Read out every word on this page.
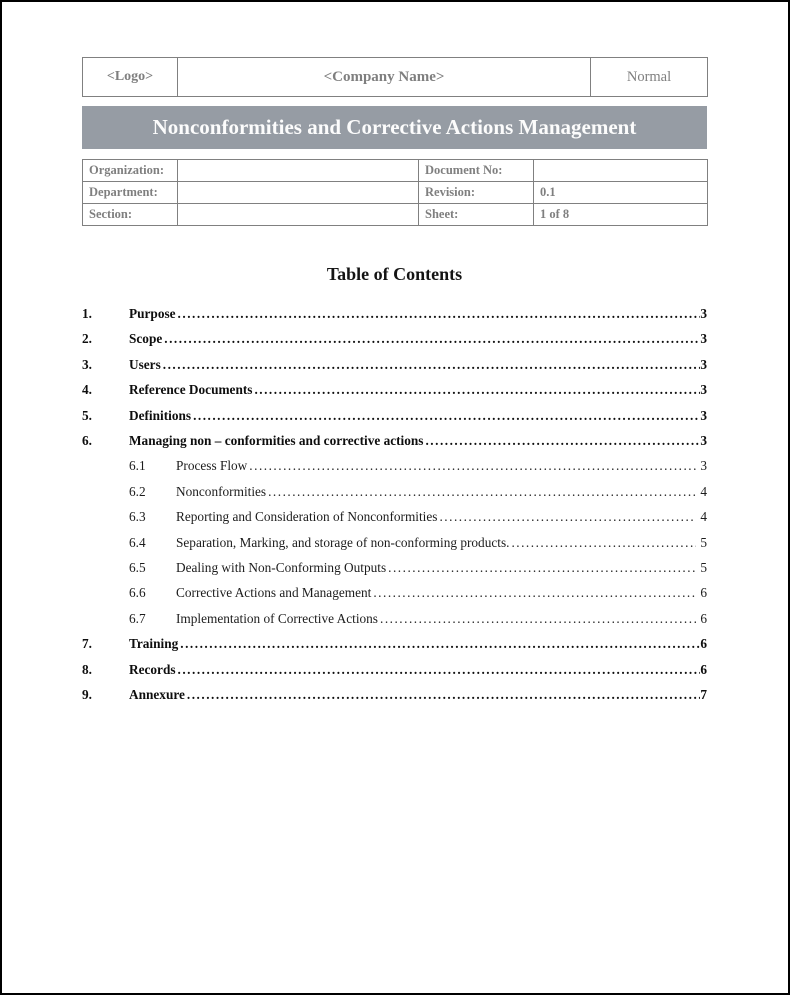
<Logo>	<Company Name>	Normal
Nonconformities and Corrective Actions Management
Organization:		Document No:	
Department:		Revision:	0.1
Section:		Sheet:	1 of 8
Table of Contents
1.	Purpose .....	3
2.	Scope .....	3
3.	Users .....	3
4.	Reference Documents .....	3
5.	Definitions .....	3
6.	Managing non – conformities and corrective actions .....	3
6.1	Process Flow .....	3
6.2	Nonconformities .....	4
6.3	Reporting and Consideration of Nonconformities .....	4
6.4	Separation, Marking, and storage of non-conforming products. .....	5
6.5	Dealing with Non-Conforming Outputs .....	5
6.6	Corrective Actions and Management .....	6
6.7	Implementation of Corrective Actions .....	6
7.	Training .....	6
8.	Records .....	6
9.	Annexure .....	7
